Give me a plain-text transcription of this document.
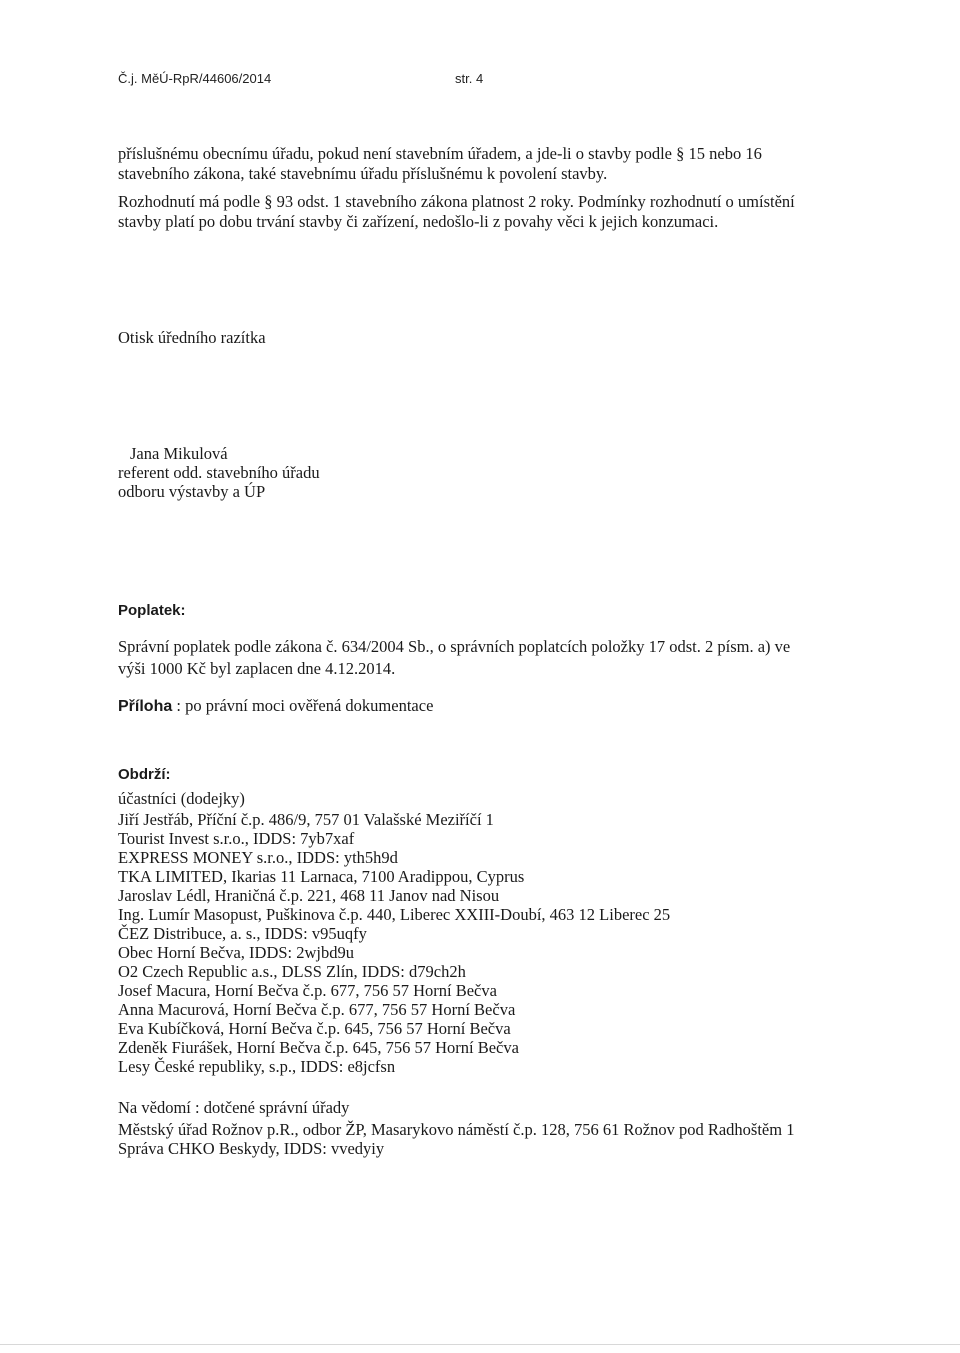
Č.j. MěÚ-RpR/44606/2014	str. 4
příslušnému obecnímu úřadu, pokud není stavebním úřadem, a jde-li o stavby podle § 15 nebo 16
stavebního zákona, také stavebnímu úřadu příslušnému k povolení stavby.
Rozhodnutí má podle § 93 odst. 1 stavebního zákona platnost 2 roky. Podmínky rozhodnutí o umístění
stavby platí po dobu trvání stavby či zařízení, nedošlo-li z povahy věci k jejich konzumaci.
Otisk úředního razítka
Jana Mikulová
referent odd. stavebního úřadu
odboru výstavby a ÚP
Poplatek:
Správní poplatek podle zákona č. 634/2004 Sb., o správních poplatcích položky 17 odst. 2 písm. a) ve
výši 1000 Kč byl zaplacen dne 4.12.2014.
Příloha : po právní moci ověřená dokumentace
Obdrží:
účastníci (dodejky)
Jiří Jestřáb, Příční č.p. 486/9, 757 01 Valašské Meziříčí 1
Tourist Invest s.r.o., IDDS: 7yb7xaf
EXPRESS MONEY s.r.o., IDDS: yth5h9d
TKA LIMITED, Ikarias 11 Larnaca, 7100 Aradippou, Cyprus
Jaroslav Lédl, Hraničná č.p. 221, 468 11 Janov nad Nisou
Ing. Lumír Masopust, Puškinova č.p. 440, Liberec XXIII-Doubí, 463 12 Liberec 25
ČEZ Distribuce, a. s., IDDS: v95uqfy
Obec Horní Bečva, IDDS: 2wjbd9u
O2 Czech Republic a.s., DLSS Zlín, IDDS: d79ch2h
Josef Macura, Horní Bečva č.p. 677, 756 57 Horní Bečva
Anna Macurová, Horní Bečva č.p. 677, 756 57 Horní Bečva
Eva Kubíčková, Horní Bečva č.p. 645, 756 57 Horní Bečva
Zdeněk Fiurášek, Horní Bečva č.p. 645, 756 57 Horní Bečva
Lesy České republiky, s.p., IDDS: e8jcfsn
Na vědomí : dotčené správní úřady
Městský úřad Rožnov p.R., odbor ŽP, Masarykovo náměstí č.p. 128, 756 61 Rožnov pod Radhoštěm 1
Správa CHKO Beskydy, IDDS: vvedyiy
